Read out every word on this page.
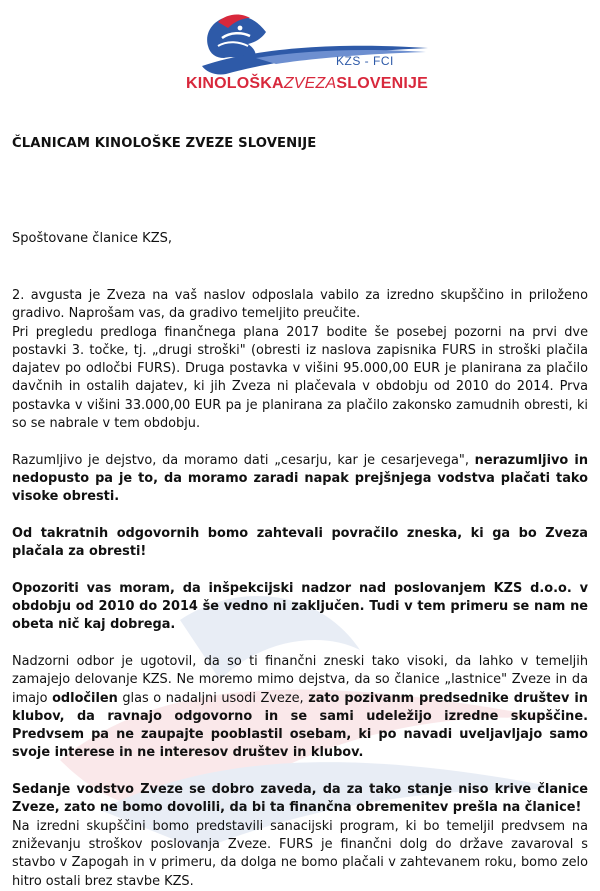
KZS - FCI
KINOLOŠKAZVEZASLOVENIJE
ČLANICAM KINOLOŠKE ZVEZE SLOVENIJE
Spoštovane članice KZS,

2. avgusta je Zveza na vaš naslov odposlala vabilo za izredno skupščino in priloženo gradivo. Naprošam vas, da gradivo temeljito preučite.
Pri pregledu predloga finančnega plana 2017 bodite še posebej pozorni na prvi dve postavki 3. točke, tj. „drugi stroški" (obresti iz naslova zapisnika FURS in stroški plačila dajatev po odločbi FURS). Druga postavka v višini 95.000,00 EUR je planirana za plačilo davčnih in ostalih dajatev, ki jih Zveza ni plačevala v obdobju od 2010 do 2014. Prva postavka v višini 33.000,00 EUR pa je planirana za plačilo zakonsko zamudnih obresti, ki so se nabrale v tem obdobju.

Razumljivo je dejstvo, da moramo dati „cesarju, kar je cesarjevega", nerazumljivo in nedopusto pa je to, da moramo zaradi napak prejšnjega vodstva plačati tako visoke obresti.

Od takratnih odgovornih bomo zahtevali povračilo zneska, ki ga bo Zveza plačala za obresti!

Opozoriti vas moram, da inšpekcijski nadzor nad poslovanjem KZS d.o.o. v obdobju od 2010 do 2014 še vedno ni zaključen. Tudi v tem primeru se nam ne obeta nič kaj dobrega.

Nadzorni odbor je ugotovil, da so ti finančni zneski tako visoki, da lahko v temeljih zamajejo delovanje KZS. Ne moremo mimo dejstva, da so članice „lastnice" Zveze in da imajo odločilen glas o nadaljni usodi Zveze, zato pozivanm predsednike društev in klubov, da ravnajo odgovorno in se sami udeležijo izredne skupščine. Predvsem pa ne zaupajte pooblastil osebam, ki po navadi uveljavljajo samo svoje interese in ne interesov društev in klubov.

Sedanje vodstvo Zveze se dobro zaveda, da za tako stanje niso krive članice Zveze, zato ne bomo dovolili, da bi ta finančna obremenitev prešla na članice!
Na izredni skupščini bomo predstavili sanacijski program, ki bo temeljil predvsem na zniževanju stroškov poslovanja Zveze. FURS je finančni dolg do države zavaroval s stavbo v Zapogah in v primeru, da dolga ne bomo plačali v zahtevanem roku, bomo zelo hitro ostali brez stavbe KZS.
